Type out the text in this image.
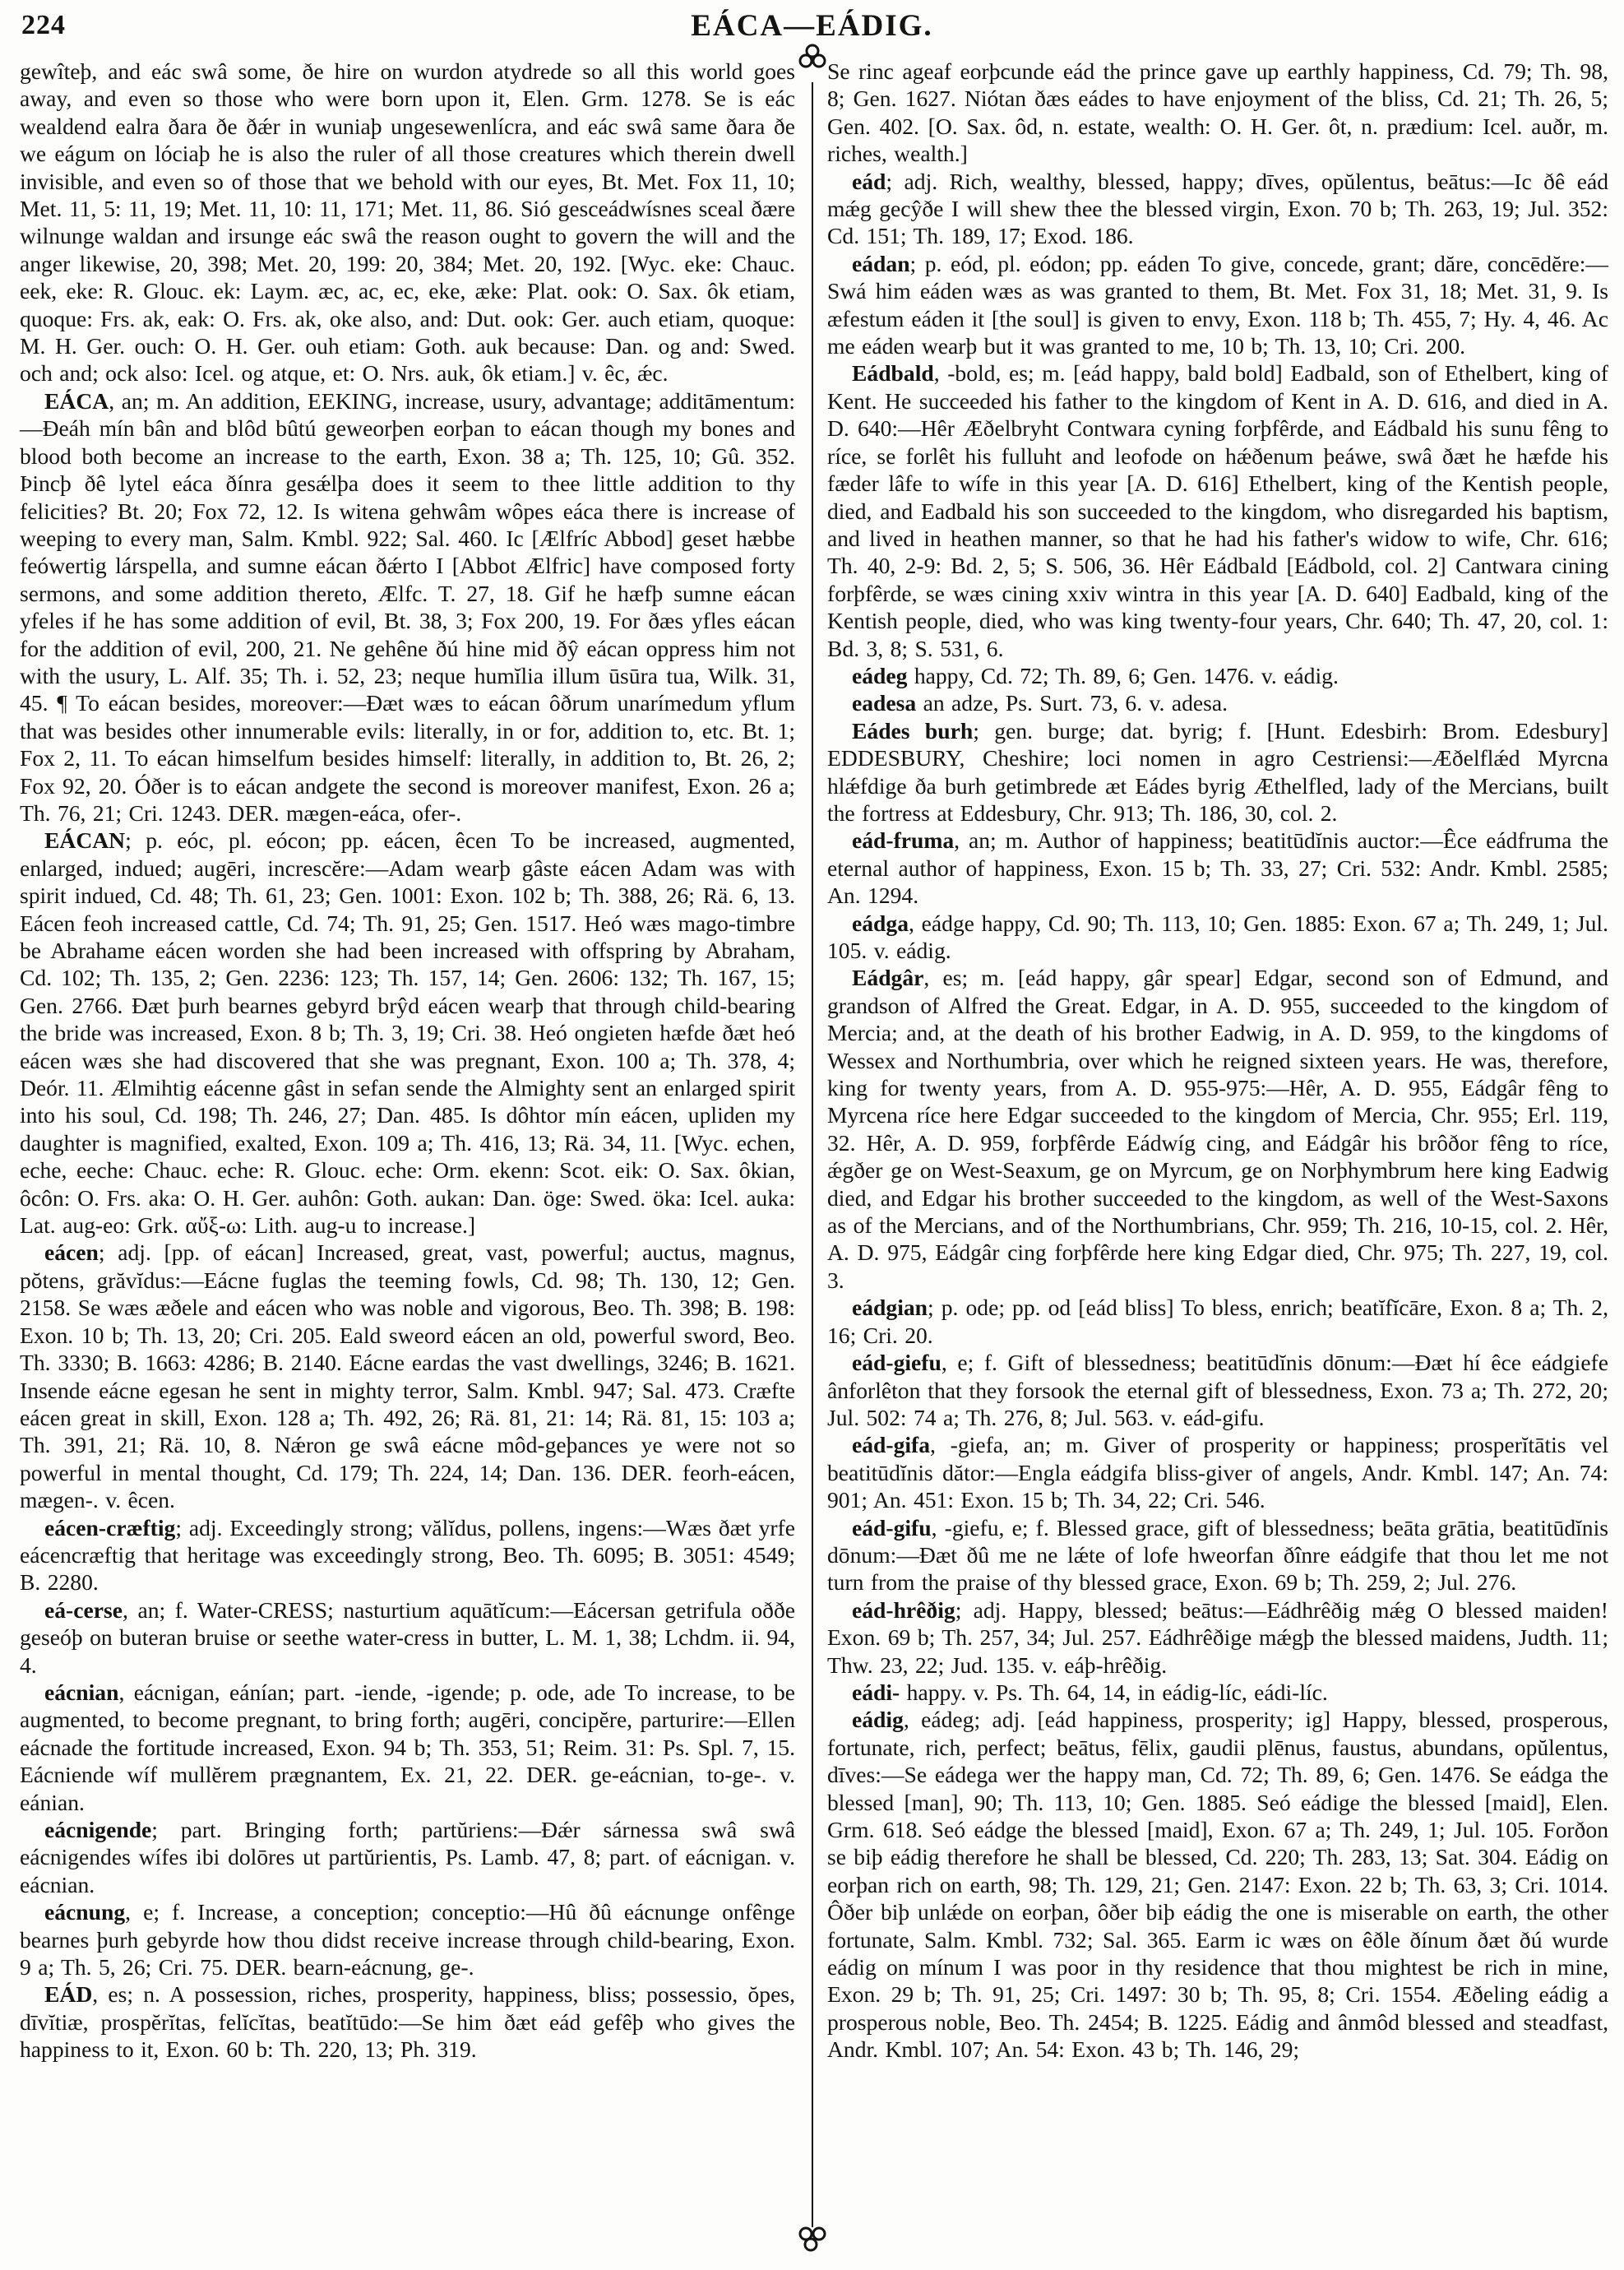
224	EÁCA—EÁDIG.

gewîteþ, and eác swâ some, ðe hire on wurdon atydrede so all this world goes away, and even so those who were born upon it, Elen. Grm. 1278. Se is eác wealdend ealra ðara ðe ðǽr in wuniaþ ungesewenlícra, and eác swâ same ðara ðe we eágum on lóciaþ he is also the ruler of all those creatures which therein dwell invisible, and even so of those that we behold with our eyes, Bt. Met. Fox 11, 10; Met. 11, 5: 11, 19; Met. 11, 10: 11, 171; Met. 11, 86. Sió gesceádwísnes sceal ðære wilnunge waldan and irsunge eác swâ the reason ought to govern the will and the anger likewise, 20, 398; Met. 20, 199: 20, 384; Met. 20, 192. [Wyc. eke: Chauc. eek, eke: R. Glouc. ek: Laym. æc, ac, ec, eke, æke: Plat. ook: O. Sax. ôk etiam, quoque: Frs. ak, eak: O. Frs. ak, oke also, and: Dut. ook: Ger. auch etiam, quoque: M. H. Ger. ouch: O. H. Ger. ouh etiam: Goth. auk because: Dan. og and: Swed. och and; ock also: Icel. og atque, et: O. Nrs. auk, ôk etiam.] v. êc, ǽc.

EÁCA, an; m. An addition, EEKING, increase, usury, advantage; additāmentum:—Ðeáh mín bân and blôd bûtú geweorþen eorþan to eácan though my bones and blood both become an increase to the earth, Exon. 38 a; Th. 125, 10; Gû. 352. Þincþ ðê lytel eáca ðínra gesǽlþa does it seem to thee little addition to thy felicities? Bt. 20; Fox 72, 12. Is witena gehwâm wôpes eáca there is increase of weeping to every man, Salm. Kmbl. 922; Sal. 460. Ic [Ælfríc Abbod] geset hæbbe feówertig lárspella, and sumne eácan ðǽrto I [Abbot Ælfric] have composed forty sermons, and some addition thereto, Ælfc. T. 27, 18. Gif he hæfþ sumne eácan yfeles if he has some addition of evil, Bt. 38, 3; Fox 200, 19. For ðæs yfles eácan for the addition of evil, 200, 21. Ne gehêne ðú hine mid ðŷ eácan oppress him not with the usury, L. Alf. 35; Th. i. 52, 23; neque humĭlia illum ūsūra tua, Wilk. 31, 45. ¶ To eácan besides, moreover:—Ðæt wæs to eácan ôðrum unarímedum yflum that was besides other innumerable evils: literally, in or for, addition to, etc. Bt. 1; Fox 2, 11. To eácan himselfum besides himself: literally, in addition to, Bt. 26, 2; Fox 92, 20. Óðer is to eácan andgete the second is moreover manifest, Exon. 26 a; Th. 76, 21; Cri. 1243. DER. mægen-eáca, ofer-.

EÁCAN; p. eóc, pl. eócon; pp. eácen, êcen To be increased, augmented, enlarged, indued; augēri, increscĕre:—Adam wearþ gâste eácen Adam was with spirit indued, Cd. 48; Th. 61, 23; Gen. 1001: Exon. 102 b; Th. 388, 26; Rä. 6, 13. Eácen feoh increased cattle, Cd. 74; Th. 91, 25; Gen. 1517. Heó wæs mago-timbre be Abrahame eácen worden she had been increased with offspring by Abraham, Cd. 102; Th. 135, 2; Gen. 2236: 123; Th. 157, 14; Gen. 2606: 132; Th. 167, 15; Gen. 2766. Ðæt þurh bearnes gebyrd brŷd eácen wearþ that through child-bearing the bride was increased, Exon. 8 b; Th. 3, 19; Cri. 38. Heó ongieten hæfde ðæt heó eácen wæs she had discovered that she was pregnant, Exon. 100 a; Th. 378, 4; Deór. 11. Ælmihtig eácenne gâst in sefan sende the Almighty sent an enlarged spirit into his soul, Cd. 198; Th. 246, 27; Dan. 485. Is dôhtor mín eácen, upliden my daughter is magnified, exalted, Exon. 109 a; Th. 416, 13; Rä. 34, 11. [Wyc. echen, eche, eeche: Chauc. eche: R. Glouc. eche: Orm. ekenn: Scot. eik: O. Sax. ôkian, ôcôn: O. Frs. aka: O. H. Ger. auhôn: Goth. aukan: Dan. öge: Swed. öka: Icel. auka: Lat. aug-eo: Grk. αὔξ-ω: Lith. aug-u to increase.]

eácen; adj. [pp. of eácan] Increased, great, vast, powerful; auctus, magnus, pŏtens, grăvĭdus:—Eácne fuglas the teeming fowls, Cd. 98; Th. 130, 12; Gen. 2158. Se wæs æðele and eácen who was noble and vigorous, Beo. Th. 398; B. 198: Exon. 10 b; Th. 13, 20; Cri. 205. Eald sweord eácen an old, powerful sword, Beo. Th. 3330; B. 1663: 4286; B. 2140. Eácne eardas the vast dwellings, 3246; B. 1621. Insende eácne egesan he sent in mighty terror, Salm. Kmbl. 947; Sal. 473. Cræfte eácen great in skill, Exon. 128 a; Th. 492, 26; Rä. 81, 21: 14; Rä. 81, 15: 103 a; Th. 391, 21; Rä. 10, 8. Nǽron ge swâ eácne môd-geþances ye were not so powerful in mental thought, Cd. 179; Th. 224, 14; Dan. 136. DER. feorh-eácen, mægen-. v. êcen.

eácen-cræftig; adj. Exceedingly strong; vălĭdus, pollens, ingens:—Wæs ðæt yrfe eácencræftig that heritage was exceedingly strong, Beo. Th. 6095; B. 3051: 4549; B. 2280.

eá-cerse, an; f. Water-CRESS; nasturtium aquātĭcum:—Eácersan getrifula oððe geseóþ on buteran bruise or seethe water-cress in butter, L. M. 1, 38; Lchdm. ii. 94, 4.

eácnian, eácnigan, eánían; part. -iende, -igende; p. ode, ade To increase, to be augmented, to become pregnant, to bring forth; augēri, concipĕre, parturire:—Ellen eácnade the fortitude increased, Exon. 94 b; Th. 353, 51; Reim. 31: Ps. Spl. 7, 15. Eácniende wíf mullĕrem prægnantem, Ex. 21, 22. DER. ge-eácnian, to-ge-. v. eánian.

eácnigende; part. Bringing forth; partŭriens:—Ðǽr sárnessa swâ swâ eácnigendes wífes ibi dolōres ut partŭrientis, Ps. Lamb. 47, 8; part. of eácnigan. v. eácnian.

eácnung, e; f. Increase, a conception; conceptio:—Hû ðû eácnunge onfênge bearnes þurh gebyrde how thou didst receive increase through child-bearing, Exon. 9 a; Th. 5, 26; Cri. 75. DER. bearn-eácnung, ge-.

EÁD, es; n. A possession, riches, prosperity, happiness, bliss; possessio, ŏpes, dīvĭtiæ, prospĕrĭtas, felĭcĭtas, beatĭtūdo:—Se him ðæt eád gefêþ who gives the happiness to it, Exon. 60 b: Th. 220, 13; Ph. 319.

Se rinc ageaf eorþcunde eád the prince gave up earthly happiness, Cd. 79; Th. 98, 8; Gen. 1627. Niótan ðæs eádes to have enjoyment of the bliss, Cd. 21; Th. 26, 5; Gen. 402. [O. Sax. ôd, n. estate, wealth: O. H. Ger. ôt, n. prædium: Icel. auðr, m. riches, wealth.]

eád; adj. Rich, wealthy, blessed, happy; dīves, opŭlentus, beātus:—Ic ðê eád mǽg gecŷðe I will shew thee the blessed virgin, Exon. 70 b; Th. 263, 19; Jul. 352: Cd. 151; Th. 189, 17; Exod. 186.

eádan; p. eód, pl. eódon; pp. eáden To give, concede, grant; dăre, concēdĕre:—Swá him eáden wæs as was granted to them, Bt. Met. Fox 31, 18; Met. 31, 9. Is æfestum eáden it [the soul] is given to envy, Exon. 118 b; Th. 455, 7; Hy. 4, 46. Ac me eáden wearþ but it was granted to me, 10 b; Th. 13, 10; Cri. 200.

Eádbald, -bold, es; m. [eád happy, bald bold] Eadbald, son of Ethelbert, king of Kent. He succeeded his father to the kingdom of Kent in A. D. 616, and died in A. D. 640:—Hêr Æðelbryht Contwara cyning forþfêrde, and Eádbald his sunu fêng to ríce, se forlêt his fulluht and leofode on hǽðenum þeáwe, swâ ðæt he hæfde his fæder lâfe to wífe in this year [A. D. 616] Ethelbert, king of the Kentish people, died, and Eadbald his son succeeded to the kingdom, who disregarded his baptism, and lived in heathen manner, so that he had his father's widow to wife, Chr. 616; Th. 40, 2-9: Bd. 2, 5; S. 506, 36. Hêr Eádbald [Eádbold, col. 2] Cantwara cining forþfêrde, se wæs cining xxiv wintra in this year [A. D. 640] Eadbald, king of the Kentish people, died, who was king twenty-four years, Chr. 640; Th. 47, 20, col. 1: Bd. 3, 8; S. 531, 6.

eádeg happy, Cd. 72; Th. 89, 6; Gen. 1476. v. eádig.

eadesa an adze, Ps. Surt. 73, 6. v. adesa.

Eádes burh; gen. burge; dat. byrig; f. [Hunt. Edesbirh: Brom. Edesbury] EDDESBURY, Cheshire; loci nomen in agro Cestriensi:—Æðelflǽd Myrcna hlǽfdige ða burh getimbrede æt Eádes byrig Æthelfled, lady of the Mercians, built the fortress at Eddesbury, Chr. 913; Th. 186, 30, col. 2.

eád-fruma, an; m. Author of happiness; beatitūdĭnis auctor:—Êce eádfruma the eternal author of happiness, Exon. 15 b; Th. 33, 27; Cri. 532: Andr. Kmbl. 2585; An. 1294.

eádga, eádge happy, Cd. 90; Th. 113, 10; Gen. 1885: Exon. 67 a; Th. 249, 1; Jul. 105. v. eádig.

Eádgâr, es; m. [eád happy, gâr spear] Edgar, second son of Edmund, and grandson of Alfred the Great. Edgar, in A. D. 955, succeeded to the kingdom of Mercia; and, at the death of his brother Eadwig, in A. D. 959, to the kingdoms of Wessex and Northumbria, over which he reigned sixteen years. He was, therefore, king for twenty years, from A. D. 955-975:—Hêr, A. D. 955, Eádgâr fêng to Myrcena ríce here Edgar succeeded to the kingdom of Mercia, Chr. 955; Erl. 119, 32. Hêr, A. D. 959, forþfêrde Eádwíg cing, and Eádgâr his brôðor fêng to ríce, ǽgðer ge on West-Seaxum, ge on Myrcum, ge on Norþhymbrum here king Eadwig died, and Edgar his brother succeeded to the kingdom, as well of the West-Saxons as of the Mercians, and of the Northumbrians, Chr. 959; Th. 216, 10-15, col. 2. Hêr, A. D. 975, Eádgâr cing forþfêrde here king Edgar died, Chr. 975; Th. 227, 19, col. 3.

eádgian; p. ode; pp. od [eád bliss] To bless, enrich; beatĭfĭcāre, Exon. 8 a; Th. 2, 16; Cri. 20.

eád-giefu, e; f. Gift of blessedness; beatitūdĭnis dōnum:—Ðæt hí êce eádgiefe ânforlêton that they forsook the eternal gift of blessedness, Exon. 73 a; Th. 272, 20; Jul. 502: 74 a; Th. 276, 8; Jul. 563. v. eád-gifu.

eád-gifa, -giefa, an; m. Giver of prosperity or happiness; prosperĭtātis vel beatitūdĭnis dător:—Engla eádgifa bliss-giver of angels, Andr. Kmbl. 147; An. 74: 901; An. 451: Exon. 15 b; Th. 34, 22; Cri. 546.

eád-gifu, -giefu, e; f. Blessed grace, gift of blessedness; beāta grātia, beatitūdĭnis dōnum:—Ðæt ðû me ne lǽte of lofe hweorfan ðînre eádgife that thou let me not turn from the praise of thy blessed grace, Exon. 69 b; Th. 259, 2; Jul. 276.

eád-hrêðig; adj. Happy, blessed; beātus:—Eádhrêðig mǽg O blessed maiden! Exon. 69 b; Th. 257, 34; Jul. 257. Eádhrêðige mǽgþ the blessed maidens, Judth. 11; Thw. 23, 22; Jud. 135. v. eáþ-hrêðig.

eádi- happy. v. Ps. Th. 64, 14, in eádig-líc, eádi-líc.

eádig, eádeg; adj. [eád happiness, prosperity; ig] Happy, blessed, prosperous, fortunate, rich, perfect; beātus, fēlix, gaudii plēnus, faustus, abundans, opŭlentus, dīves:—Se eádega wer the happy man, Cd. 72; Th. 89, 6; Gen. 1476. Se eádga the blessed [man], 90; Th. 113, 10; Gen. 1885. Seó eádige the blessed [maid], Elen. Grm. 618. Seó eádge the blessed [maid], Exon. 67 a; Th. 249, 1; Jul. 105. Forðon se biþ eádig therefore he shall be blessed, Cd. 220; Th. 283, 13; Sat. 304. Eádig on eorþan rich on earth, 98; Th. 129, 21; Gen. 2147: Exon. 22 b; Th. 63, 3; Cri. 1014. Ôðer biþ unlǽde on eorþan, ôðer biþ eádig the one is miserable on earth, the other fortunate, Salm. Kmbl. 732; Sal. 365. Earm ic wæs on êðle ðínum ðæt ðú wurde eádig on mínum I was poor in thy residence that thou mightest be rich in mine, Exon. 29 b; Th. 91, 25; Cri. 1497: 30 b; Th. 95, 8; Cri. 1554. Æðeling eádig a prosperous noble, Beo. Th. 2454; B. 1225. Eádig and ânmôd blessed and steadfast, Andr. Kmbl. 107; An. 54: Exon. 43 b; Th. 146, 29;
